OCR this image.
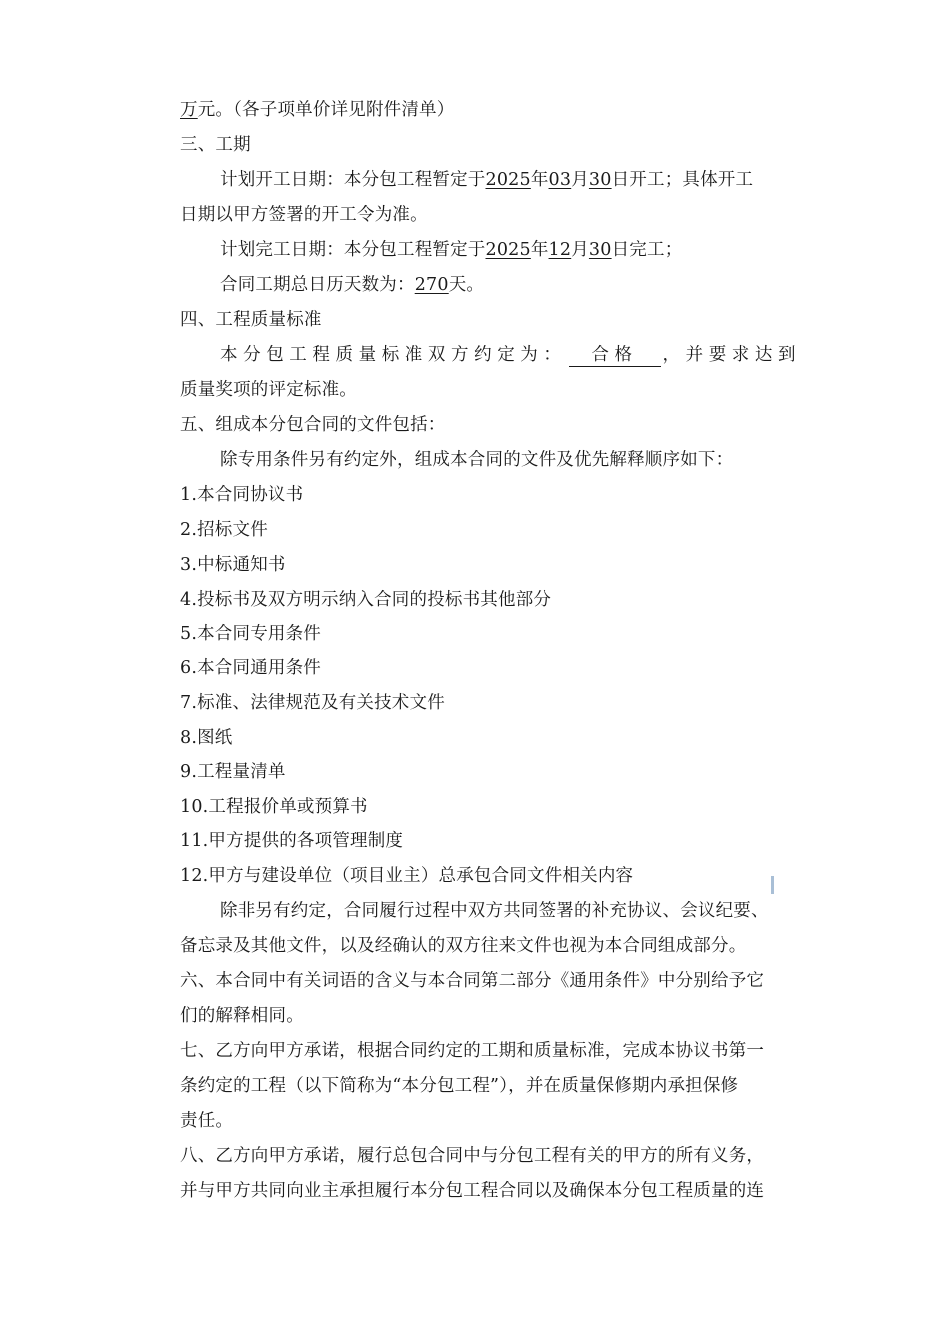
万元。（各子项单价详见附件清单）
三、工期
计划开工日期：本分包工程暂定于2025年03月30日开工；具体开工
日期以甲方签署的开工令为准。
计划完工日期：本分包工程暂定于2025年12月30日完工；
合同工期总日历天数为：270天。
四、工程质量标准
本分包工程质量标准双方约定为： 合格 ，并要求达到
质量奖项的评定标准。
五、组成本分包合同的文件包括：
除专用条件另有约定外，组成本合同的文件及优先解释顺序如下：
1.本合同协议书
2.招标文件
3.中标通知书
4.投标书及双方明示纳入合同的投标书其他部分
5.本合同专用条件
6.本合同通用条件
7.标准、法律规范及有关技术文件
8.图纸
9.工程量清单
10.工程报价单或预算书
11.甲方提供的各项管理制度
12.甲方与建设单位（项目业主）总承包合同文件相关内容
除非另有约定，合同履行过程中双方共同签署的补充协议、会议纪要、
备忘录及其他文件，以及经确认的双方往来文件也视为本合同组成部分。
六、本合同中有关词语的含义与本合同第二部分《通用条件》中分别给予它
们的解释相同。
七、乙方向甲方承诺，根据合同约定的工期和质量标准，完成本协议书第一
条约定的工程（以下简称为“本分包工程”），并在质量保修期内承担保修
责任。
八、乙方向甲方承诺，履行总包合同中与分包工程有关的甲方的所有义务，
并与甲方共同向业主承担履行本分包工程合同以及确保本分包工程质量的连
